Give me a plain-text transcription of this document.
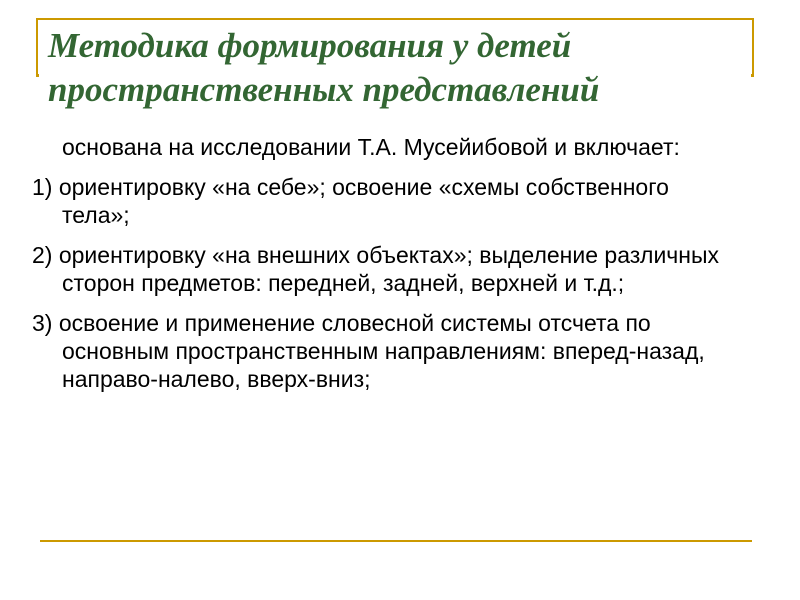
Методика формирования у детей пространственных представлений

основана на исследовании Т.А. Мусейибовой и включает:

1) ориентировку «на себе»; освоение «схемы собственного тела»;

2) ориентировку «на внешних объектах»; выделение различных сторон предметов: передней, задней, верхней и т.д.;

3) освоение и применение словесной системы отсчета по основным пространственным направлениям: вперед-назад, направо-налево, вверх-вниз;
